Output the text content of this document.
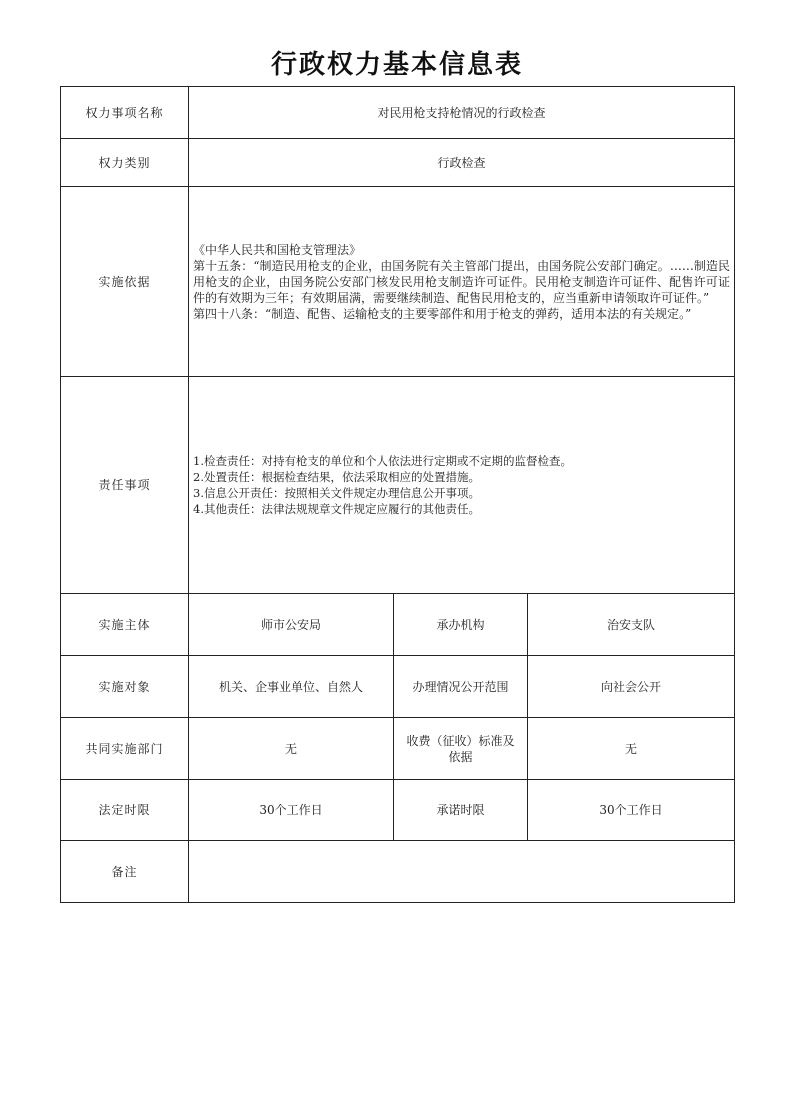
行政权力基本信息表
权力事项名称	对民用枪支持枪情况的行政检查		
权力类别	行政检查		
实施依据	《中华人民共和国枪支管理法》
第十五条：“制造民用枪支的企业，由国务院有关主管部门提出，由国务院公安部门确定。……制造民用枪支的企业，由国务院公安部门核发民用枪支制造许可证件。民用枪支制造许可证件、配售许可证件的有效期为三年；有效期届满，需要继续制造、配售民用枪支的，应当重新申请领取许可证件。”
第四十八条：“制造、配售、运输枪支的主要零部件和用于枪支的弹药，适用本法的有关规定。”		

责任事项	1.检查责任：对持有枪支的单位和个人依法进行定期或不定期的监督检查。
2.处置责任：根据检查结果，依法采取相应的处置措施。
3.信息公开责任：按照相关文件规定办理信息公开事项。
4.其他责任：法律法规规章文件规定应履行的其他责任。		

实施主体	师市公安局	承办机构	治安支队
实施对象	机关、企事业单位、自然人	办理情况公开范围	向社会公开
共同实施部门	无	收费（征收）标准及依据	无
法定时限	30个工作日	承诺时限	30个工作日
备注			
